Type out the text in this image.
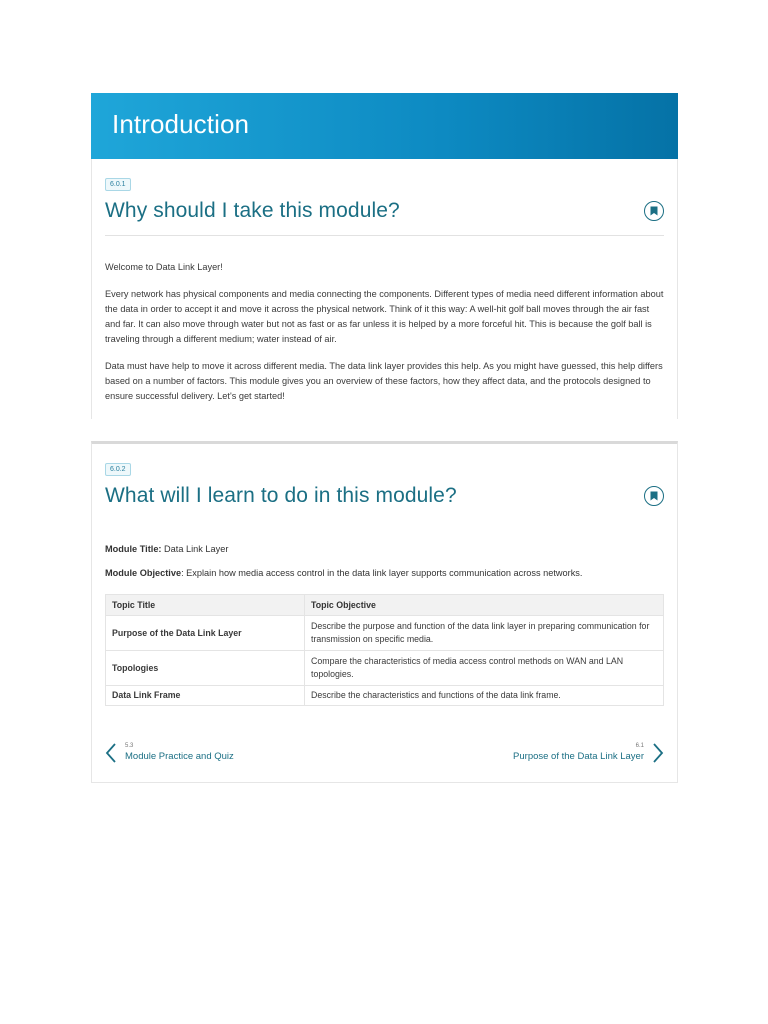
Introduction
6.0.1
Why should I take this module?

Welcome to Data Link Layer!

Every network has physical components and media connecting the components. Different types of media need different information about the data in order to accept it and move it across the physical network. Think of it this way: A well-hit golf ball moves through the air fast and far. It can also move through water but not as fast or as far unless it is helped by a more forceful hit. This is because the golf ball is traveling through a different medium; water instead of air.

Data must have help to move it across different media. The data link layer provides this help. As you might have guessed, this help differs based on a number of factors. This module gives you an overview of these factors, how they affect data, and the protocols designed to ensure successful delivery. Let's get started!

6.0.2
What will I learn to do in this module?

Module Title: Data Link Layer

Module Objective: Explain how media access control in the data link layer supports communication across networks.

Topic Title	Topic Objective
Purpose of the Data Link Layer	Describe the purpose and function of the data link layer in preparing communication for transmission on specific media.
Topologies	Compare the characteristics of media access control methods on WAN and LAN topologies.
Data Link Frame	Describe the characteristics and functions of the data link frame.
5.3
Module Practice and Quiz
6.1
Purpose of the Data Link Layer
